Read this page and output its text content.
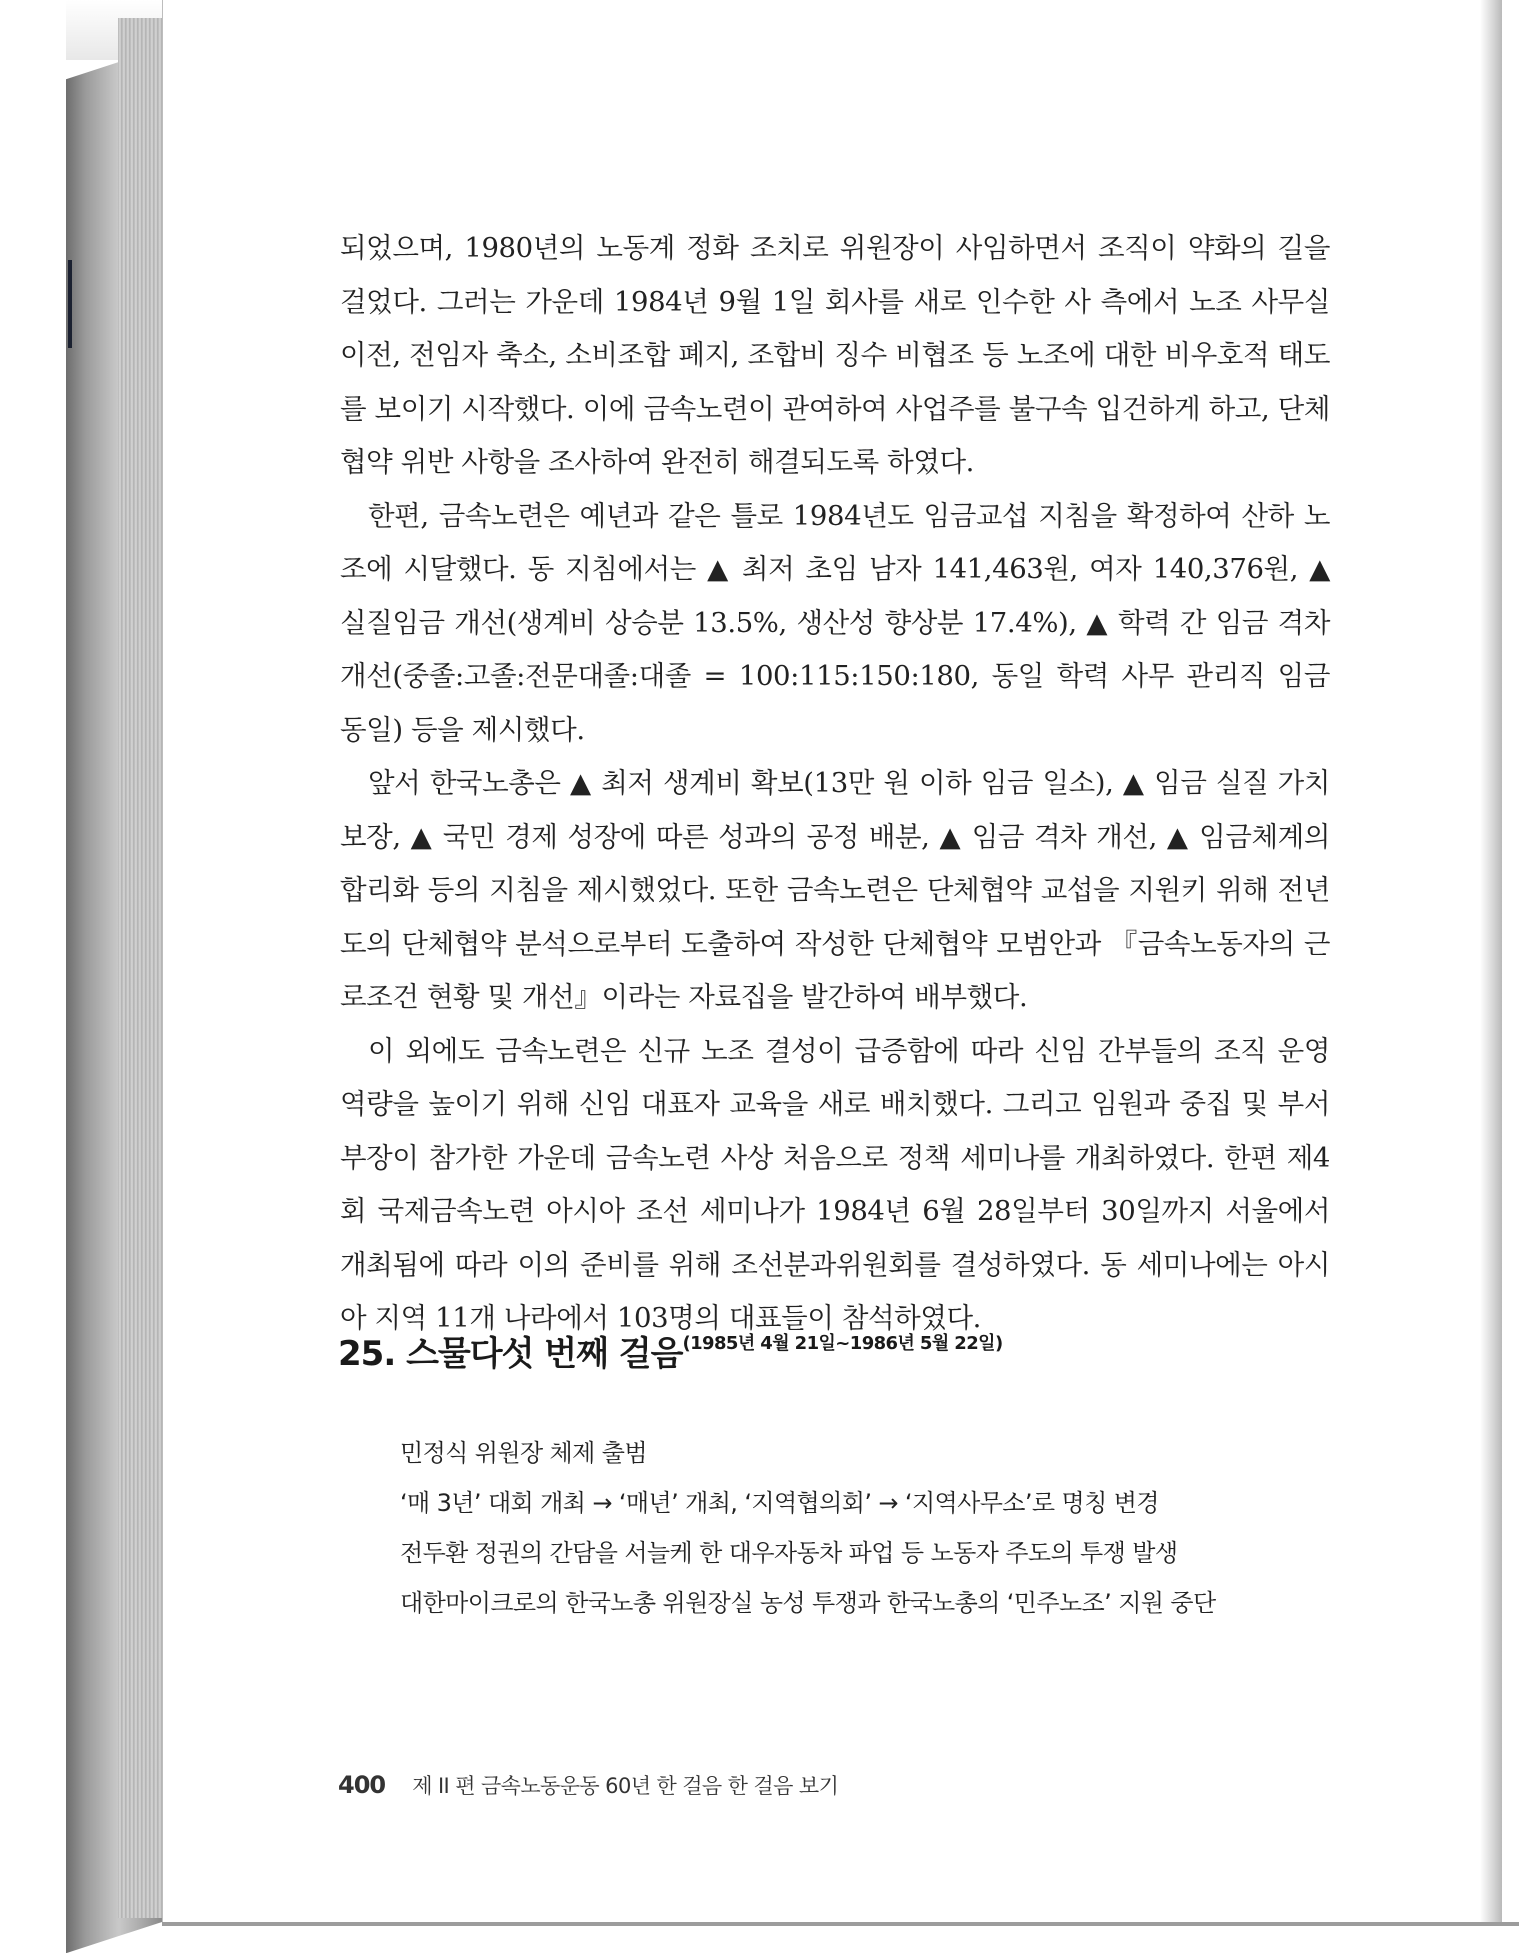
되었으며, 1980년의 노동계 정화 조치로 위원장이 사임하면서 조직이 약화의 길을 걸었다. 그러는 가운데 1984년 9월 1일 회사를 새로 인수한 사 측에서 노조 사무실 이전, 전임자 축소, 소비조합 폐지, 조합비 징수 비협조 등 노조에 대한 비우호적 태도를 보이기 시작했다. 이에 금속노련이 관여하여 사업주를 불구속 입건하게 하고, 단체협약 위반 사항을 조사하여 완전히 해결되도록 하였다.

한편, 금속노련은 예년과 같은 틀로 1984년도 임금교섭 지침을 확정하여 산하 노조에 시달했다. 동 지침에서는 ▲ 최저 초임 남자 141,463원, 여자 140,376원, ▲ 실질임금 개선(생계비 상승분 13.5%, 생산성 향상분 17.4%), ▲ 학력 간 임금 격차 개선(중졸:고졸:전문대졸:대졸 = 100:115:150:180, 동일 학력 사무 관리직 임금 동일) 등을 제시했다.

앞서 한국노총은 ▲ 최저 생계비 확보(13만 원 이하 임금 일소), ▲ 임금 실질 가치 보장, ▲ 국민 경제 성장에 따른 성과의 공정 배분, ▲ 임금 격차 개선, ▲ 임금체계의 합리화 등의 지침을 제시했었다. 또한 금속노련은 단체협약 교섭을 지원키 위해 전년도의 단체협약 분석으로부터 도출하여 작성한 단체협약 모범안과 『금속노동자의 근로조건 현황 및 개선』이라는 자료집을 발간하여 배부했다.

이 외에도 금속노련은 신규 노조 결성이 급증함에 따라 신임 간부들의 조직 운영 역량을 높이기 위해 신임 대표자 교육을 새로 배치했다. 그리고 임원과 중집 및 부서부장이 참가한 가운데 금속노련 사상 처음으로 정책 세미나를 개최하였다. 한편 제4회 국제금속노련 아시아 조선 세미나가 1984년 6월 28일부터 30일까지 서울에서 개최됨에 따라 이의 준비를 위해 조선분과위원회를 결성하였다. 동 세미나에는 아시아 지역 11개 나라에서 103명의 대표들이 참석하였다.

25. 스물다섯 번째 걸음$^{(1985년 4월 21일\sim 1986년 5월 22일)}$
민정식 위원장 체제 출범
‘매 3년’ 대회 개최 → ‘매년’ 개최, ‘지역협의회’ → ‘지역사무소’로 명칭 변경
전두환 정권의 간담을 서늘케 한 대우자동차 파업 등 노동자 주도의 투쟁 발생
대한마이크로의 한국노총 위원장실 농성 투쟁과 한국노총의 ‘민주노조’ 지원 중단
400 제 II 편 금속노동운동 60년 한 걸음 한 걸음 보기
